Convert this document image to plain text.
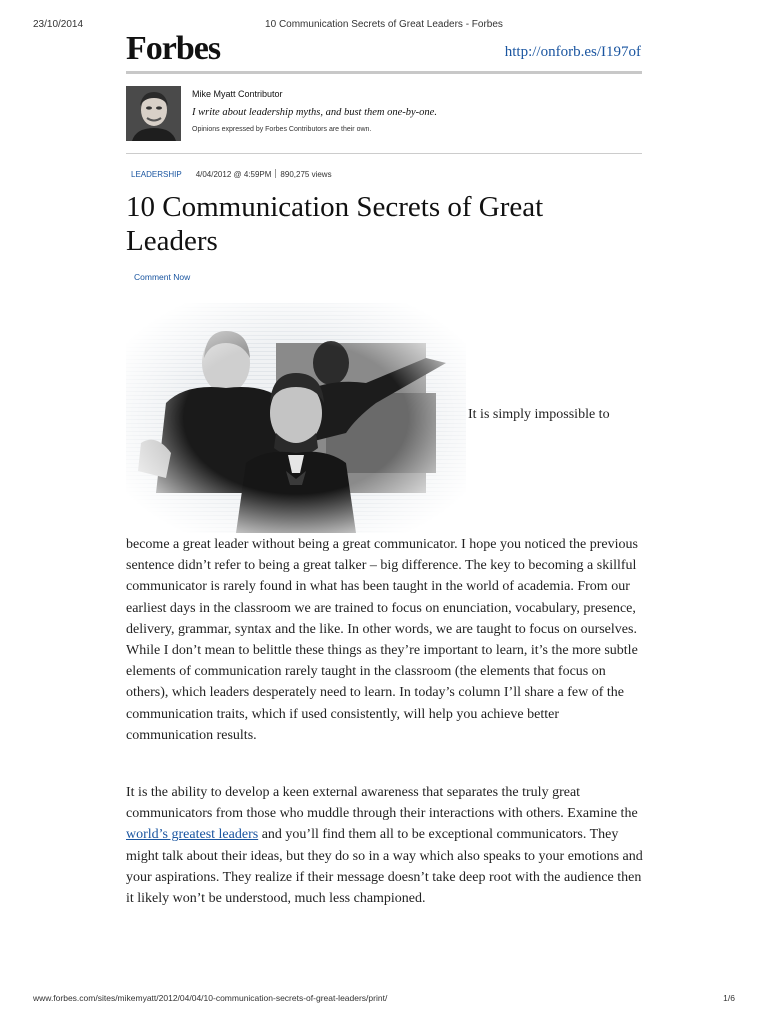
23/10/2014	10 Communication Secrets of Great Leaders - Forbes
Forbes	http://onforb.es/I197of
Mike Myatt Contributor
I write about leadership myths, and bust them one-by-one.
Opinions expressed by Forbes Contributors are their own.
LEADERSHIP 4/04/2012 @ 4:59PM 890,275 views
10 Communication Secrets of Great Leaders
Comment Now
It is simply impossible to

become a great leader without being a great communicator. I hope you noticed the previous sentence didn’t refer to being a great talker – big difference. The key to becoming a skillful communicator is rarely found in what has been taught in the world of academia. From our earliest days in the classroom we are trained to focus on enunciation, vocabulary, presence, delivery, grammar, syntax and the like. In other words, we are taught to focus on ourselves. While I don’t mean to belittle these things as they’re important to learn, it’s the more subtle elements of communication rarely taught in the classroom (the elements that focus on others), which leaders desperately need to learn. In today’s column I’ll share a few of the communication traits, which if used consistently, will help you achieve better communication results.

It is the ability to develop a keen external awareness that separates the truly great communicators from those who muddle through their interactions with others. Examine the world’s greatest leaders and you’ll find them all to be exceptional communicators. They might talk about their ideas, but they do so in a way which also speaks to your emotions and your aspirations. They realize if their message doesn’t take deep root with the audience then it likely won’t be understood, much less championed.

www.forbes.com/sites/mikemyatt/2012/04/04/10-communication-secrets-of-great-leaders/print/	1/6
